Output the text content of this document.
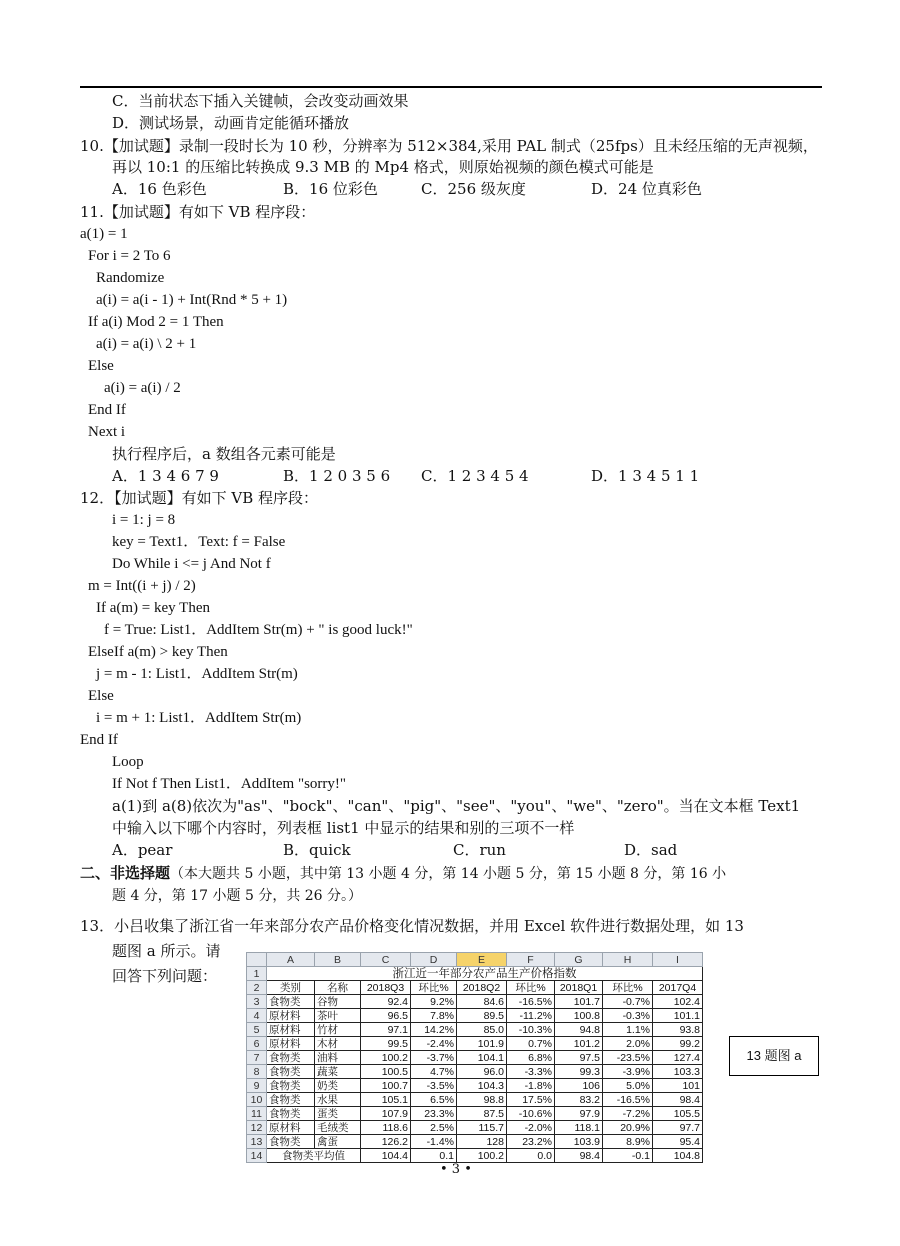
C．当前状态下插入关键帧，会改变动画效果
D．测试场景，动画肯定能循环播放
10.【加试题】录制一段时长为 10 秒，分辨率为 512×384,采用 PAL 制式（25fps）且未经压缩的无声视频，
再以 10:1 的压缩比转换成 9.3 MB 的 Mp4 格式，则原始视频的颜色模式可能是
A．16 色彩色	B．16 位彩色	C．256 级灰度	D．24 位真彩色
11.【加试题】有如下 VB 程序段：
a(1) = 1
For i = 2 To 6
Randomize
a(i) = a(i - 1) + Int(Rnd * 5 + 1)
If a(i) Mod 2 = 1 Then
a(i) = a(i) \ 2 + 1
Else
a(i) = a(i) / 2
End If
Next i
执行程序后，a 数组各元素可能是
A．1 3 4 6 7 9	B．1 2 0 3 5 6 C．1 2 3 4 5 4	D．1 3 4 5 1 1
12．【加试题】有如下 VB 程序段：
i = 1: j = 8
key = Text1．Text: f = False
Do While i <= j And Not f
m = Int((i + j) / 2)
If a(m) = key Then
f = True: List1．AddItem Str(m) + " is good luck!"
ElseIf a(m) > key Then
j = m - 1: List1．AddItem Str(m)
Else
i = m + 1: List1．AddItem Str(m)
End If
Loop
If Not f Then List1．AddItem "sorry!"
a(1)到 a(8)依次为"as"、"bock"、"can"、"pig"、"see"、"you"、"we"、"zero"。当在文本框 Text1
中输入以下哪个内容时，列表框 list1 中显示的结果和别的三项不一样
A．pear	B．quick	C．run	D．sad
二、非选择题（本大题共 5 小题，其中第 13 小题 4 分，第 14 小题 5 分，第 15 小题 8 分，第 16 小
题 4 分，第 17 小题 5 分，共 26 分。）
13．小吕收集了浙江省一年来部分农产品价格变化情况数据，并用 Excel 软件进行数据处理，如 13
题图 a 所示。请
回答下列问题：
	A	B	C	D	E	F	G	H	I
1	浙江近一年部分农产品生产价格指数								
2	类别	名称	2018Q3	环比%	2018Q2	环比%	2018Q1	环比%	2017Q4
3	食物类	谷物	92.4	9.2%	84.6	-16.5%	101.7	-0.7%	102.4
4	原材料	茶叶	96.5	7.8%	89.5	-11.2%	100.8	-0.3%	101.1
5	原材料	竹材	97.1	14.2%	85.0	-10.3%	94.8	1.1%	93.8
6	原材料	木材	99.5	-2.4%	101.9	0.7%	101.2	2.0%	99.2
7	食物类	油料	100.2	-3.7%	104.1	6.8%	97.5	-23.5%	127.4
8	食物类	蔬菜	100.5	4.7%	96.0	-3.3%	99.3	-3.9%	103.3
9	食物类	奶类	100.7	-3.5%	104.3	-1.8%	106	5.0%	101
10	食物类	水果	105.1	6.5%	98.8	17.5%	83.2	-16.5%	98.4
11	食物类	蛋类	107.9	23.3%	87.5	-10.6%	97.9	-7.2%	105.5
12	原材料	毛绒类	118.6	2.5%	115.7	-2.0%	118.1	20.9%	97.7
13	食物类	禽蛋	126.2	-1.4%	128	23.2%	103.9	8.9%	95.4
14	食物类平均值		104.4	0.1	100.2	0.0	98.4	-0.1	104.8
13 题图 a
• 3 •
